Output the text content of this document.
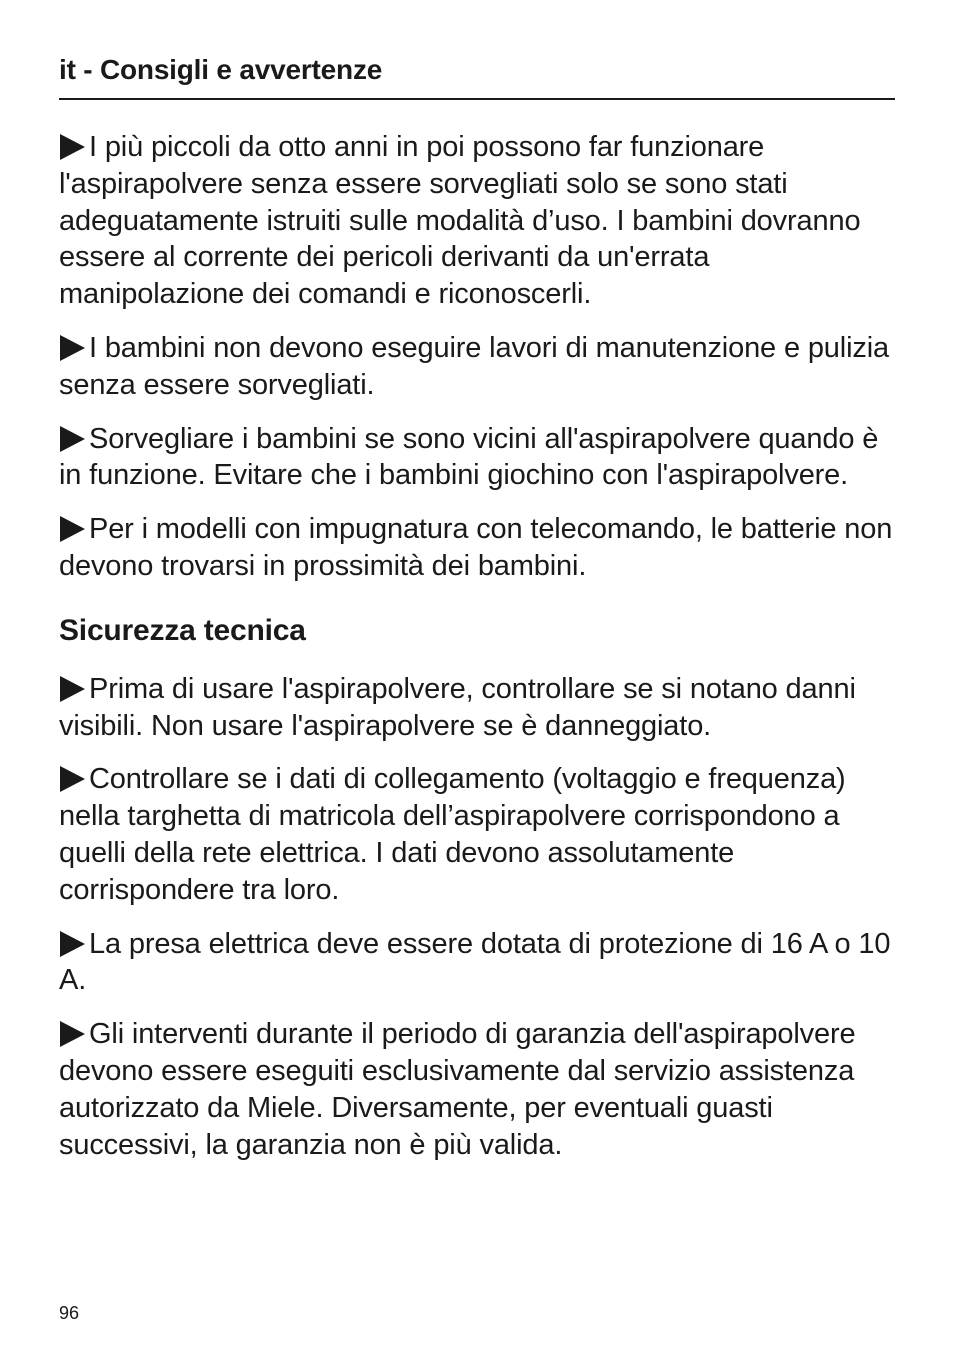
it - Consigli e avvertenze

I più piccoli da otto anni in poi possono far funzionare l'aspirapolvere senza essere sorvegliati solo se sono stati adeguatamente istruiti sulle modalità d’uso. I bambini dovranno essere al corrente dei pericoli derivanti da un'errata manipolazione dei comandi e riconoscerli.

I bambini non devono eseguire lavori di manutenzione e pulizia senza essere sorvegliati.

Sorvegliare i bambini se sono vicini all'aspirapolvere quando è in funzione. Evitare che i bambini giochino con l'aspirapolvere.

Per i modelli con impugnatura con telecomando, le batterie non devono trovarsi in prossimità dei bambini.

Sicurezza tecnica

Prima di usare l'aspirapolvere, controllare se si notano danni visibili. Non usare l'aspirapolvere se è danneggiato.

Controllare se i dati di collegamento (voltaggio e frequenza) nella targhetta di matricola dell’aspirapolvere corrispondono a quelli della rete elettrica. I dati devono assolutamente corrispondere tra loro.

La presa elettrica deve essere dotata di protezione di 16 A o 10 A.

Gli interventi durante il periodo di garanzia dell'aspirapolvere devono essere eseguiti esclusivamente dal servizio assistenza autorizzato da Miele. Diversamente, per eventuali guasti successivi, la garanzia non è più valida.

96
